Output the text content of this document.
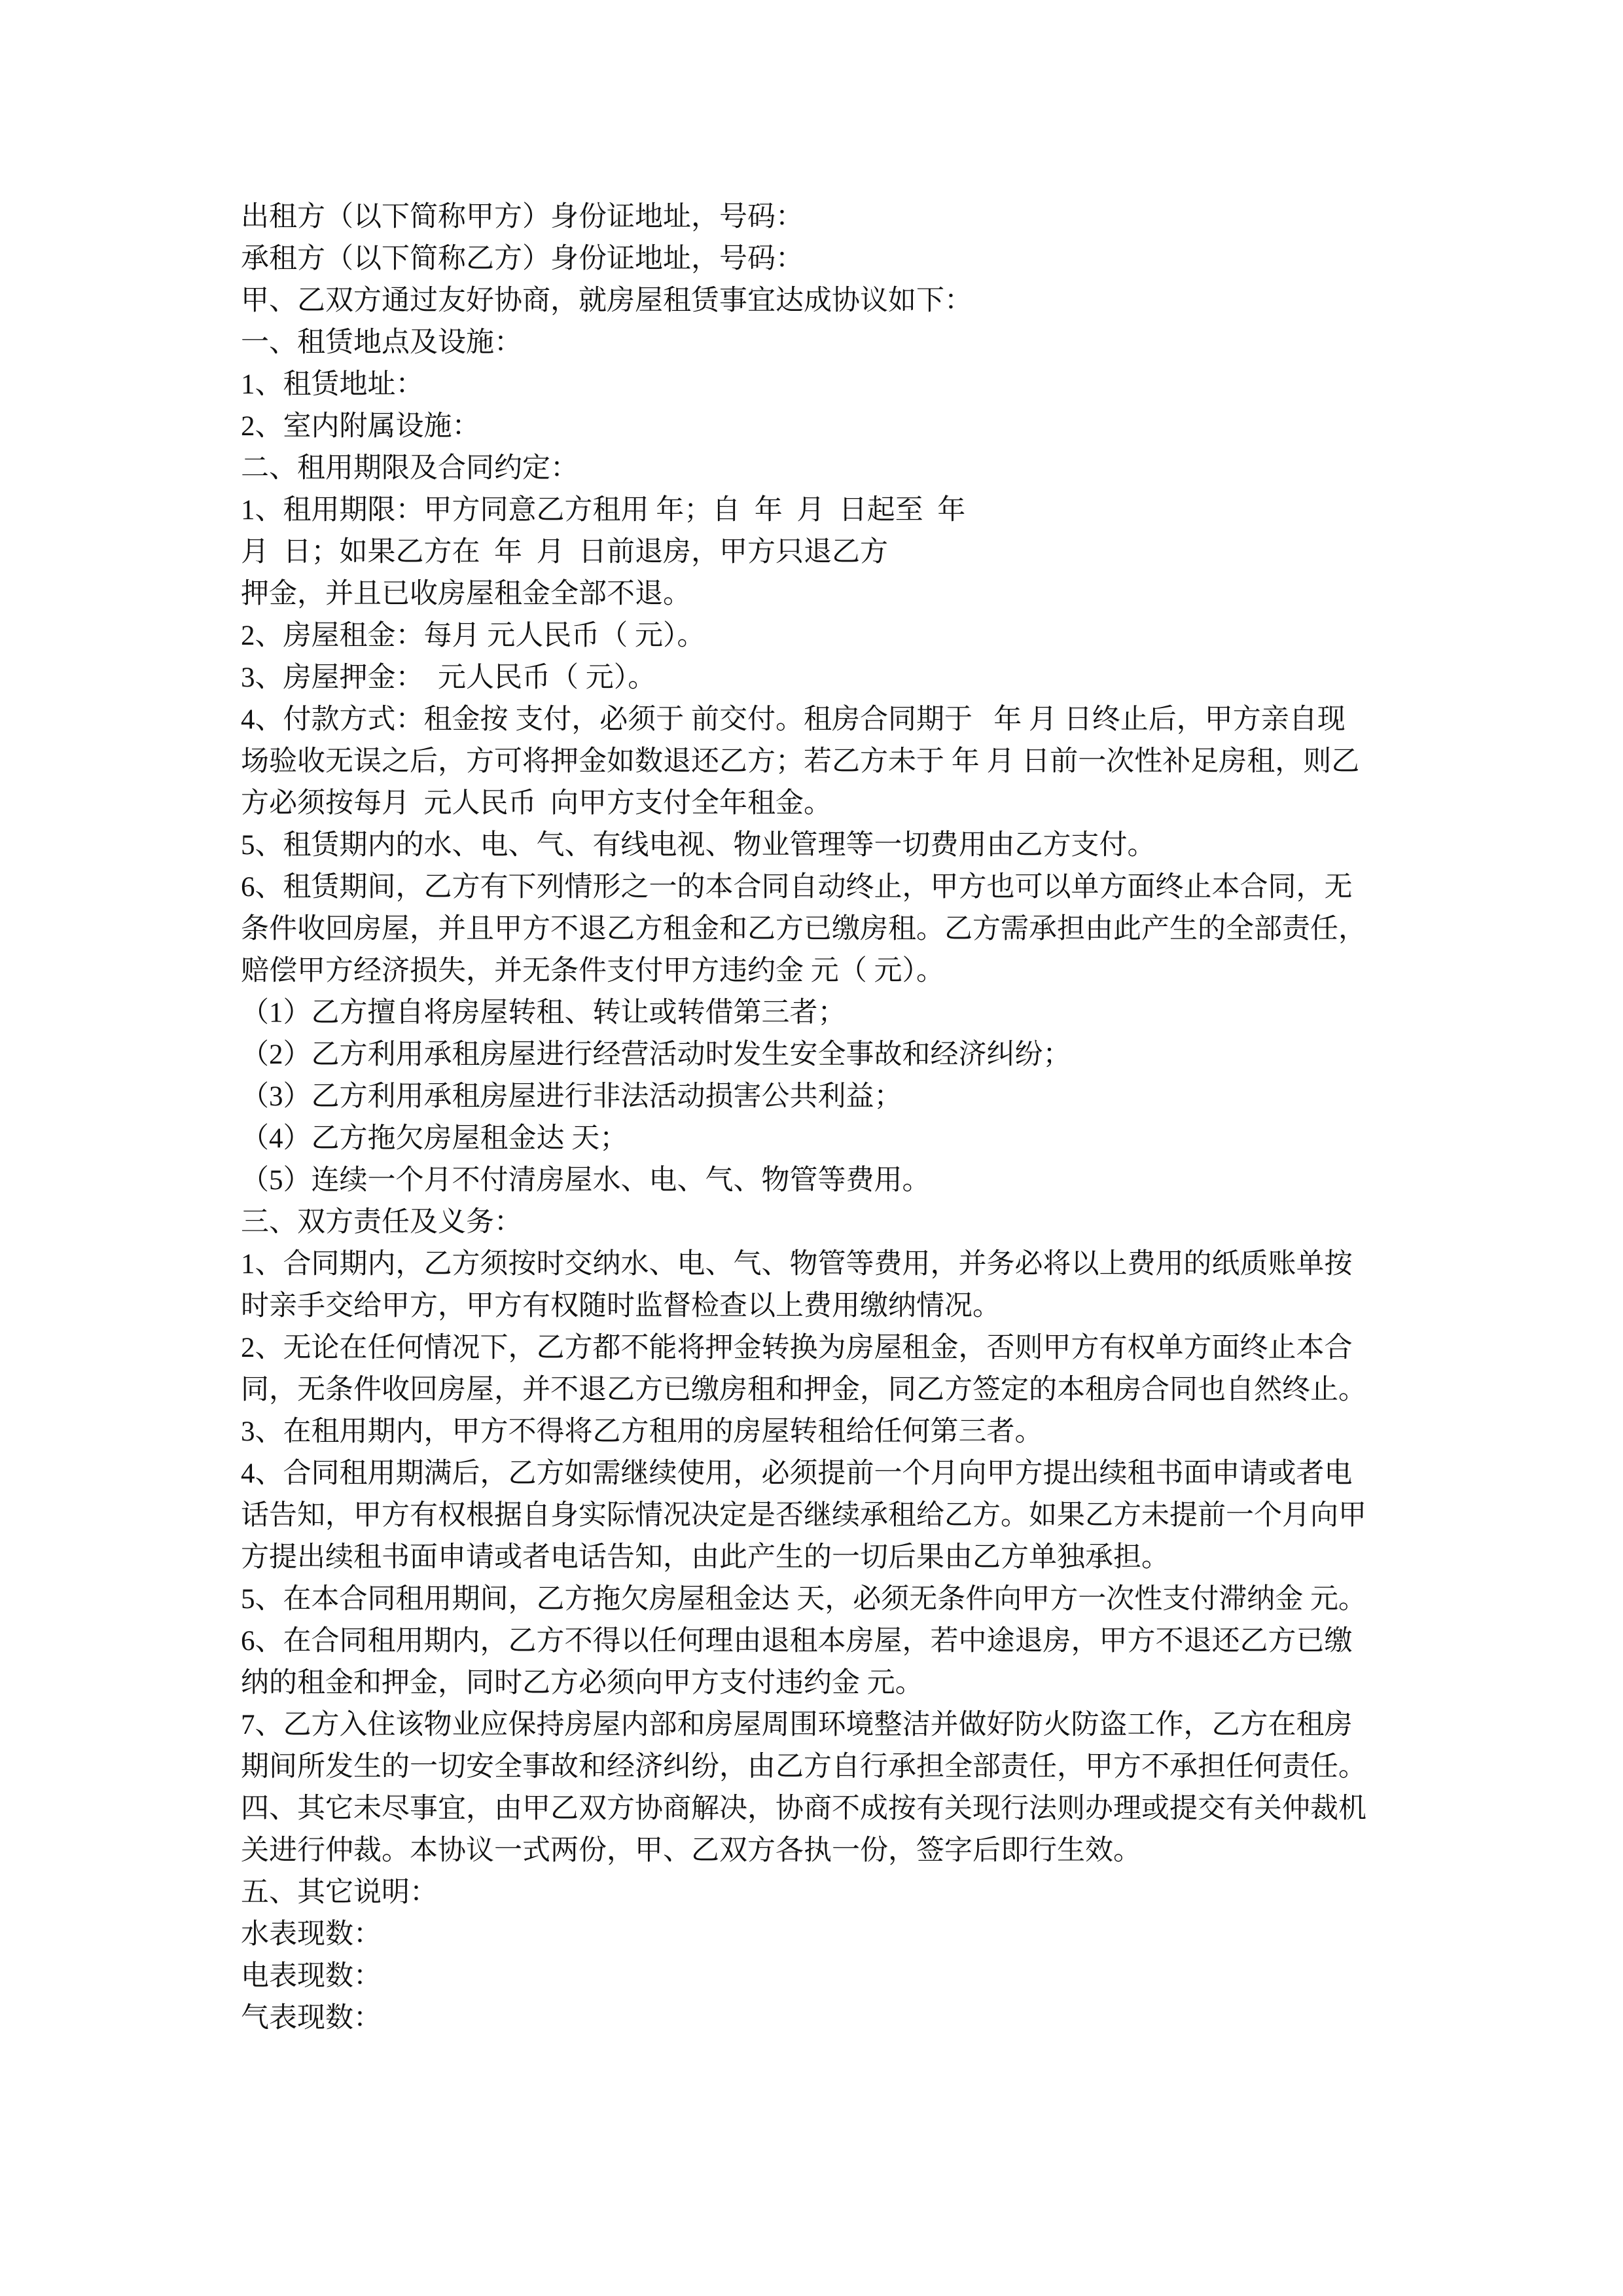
出租方（以下简称甲方）身份证地址，号码：
承租方（以下简称乙方）身份证地址，号码：
甲、乙双方通过友好协商，就房屋租赁事宜达成协议如下：
一、租赁地点及设施：
1、租赁地址：
2、室内附属设施：
二、租用期限及合同约定：
1、租用期限：甲方同意乙方租用 年；自  年  月  日起至  年
月  日；如果乙方在  年  月  日前退房，甲方只退乙方
押金，并且已收房屋租金全部不退。
2、房屋租金：每月 元人民币（ 元）。
3、房屋押金：  元人民币（ 元）。
4、付款方式：租金按 支付，必须于 前交付。租房合同期于   年 月 日终止后，甲方亲自现
场验收无误之后，方可将押金如数退还乙方；若乙方未于 年 月 日前一次性补足房租，则乙
方必须按每月  元人民币  向甲方支付全年租金。
5、租赁期内的水、电、气、有线电视、物业管理等一切费用由乙方支付。
6、租赁期间，乙方有下列情形之一的本合同自动终止，甲方也可以单方面终止本合同，无
条件收回房屋，并且甲方不退乙方租金和乙方已缴房租。乙方需承担由此产生的全部责任，
赔偿甲方经济损失，并无条件支付甲方违约金 元（ 元）。
（1）乙方擅自将房屋转租、转让或转借第三者；
（2）乙方利用承租房屋进行经营活动时发生安全事故和经济纠纷；
（3）乙方利用承租房屋进行非法活动损害公共利益；
（4）乙方拖欠房屋租金达 天；
（5）连续一个月不付清房屋水、电、气、物管等费用。
三、双方责任及义务：
1、合同期内，乙方须按时交纳水、电、气、物管等费用，并务必将以上费用的纸质账单按
时亲手交给甲方，甲方有权随时监督检查以上费用缴纳情况。
2、无论在任何情况下，乙方都不能将押金转换为房屋租金，否则甲方有权单方面终止本合
同，无条件收回房屋，并不退乙方已缴房租和押金，同乙方签定的本租房合同也自然终止。
3、在租用期内，甲方不得将乙方租用的房屋转租给任何第三者。
4、合同租用期满后，乙方如需继续使用，必须提前一个月向甲方提出续租书面申请或者电
话告知，甲方有权根据自身实际情况决定是否继续承租给乙方。如果乙方未提前一个月向甲
方提出续租书面申请或者电话告知，由此产生的一切后果由乙方单独承担。
5、在本合同租用期间，乙方拖欠房屋租金达 天，必须无条件向甲方一次性支付滞纳金 元。
6、在合同租用期内，乙方不得以任何理由退租本房屋，若中途退房，甲方不退还乙方已缴
纳的租金和押金，同时乙方必须向甲方支付违约金 元。
7、乙方入住该物业应保持房屋内部和房屋周围环境整洁并做好防火防盗工作，乙方在租房
期间所发生的一切安全事故和经济纠纷，由乙方自行承担全部责任，甲方不承担任何责任。
四、其它未尽事宜，由甲乙双方协商解决，协商不成按有关现行法则办理或提交有关仲裁机
关进行仲裁。本协议一式两份，甲、乙双方各执一份，签字后即行生效。
五、其它说明：
水表现数：
电表现数：
气表现数：
